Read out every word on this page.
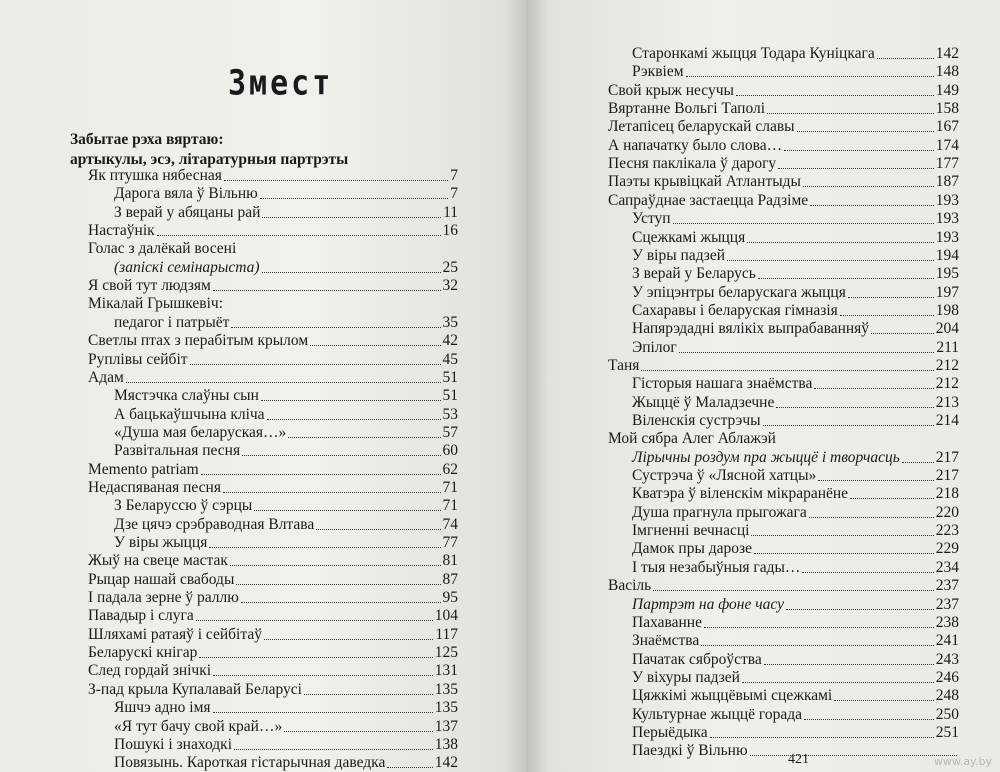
Змест
Забытае рэха вяртаю:
артыкулы, эсэ, літаратурныя партрэты
Як птушка нябесная	7
Дарога вяла ў Вільню	7
З верай у абяцаны рай	11
Настаўнік	16
Голас з далёкай восені
(запіскі семінарыста)	25
Я свой тут людзям	32
Мікалай Грышкевіч:
педагог і патрыёт	35
Светлы птах з перабітым крылом	42
Руплівы сейбіт	45
Адам	51
Мястэчка слаўны сын	51
А бацькаўшчына кліча	53
«Душа мая беларуская…»	57
Развітальная песня	60
Memento patriam	62
Недаспяваная песня	71
З Беларуссю ў сэрцы	71
Дзе цячэ срэбраводная Влтава	74
У віры жыцця	77
Жыў на свеце мастак	81
Рыцар нашай свабоды	87
І падала зерне ў раллю	95
Павадыр і слуга	104
Шляхамі ратаяў і сейбітаў	117
Беларускі кнігар	125
След гордай знічкі	131
З-пад крыла Купалавай Беларусі	135
Яшчэ адно імя	135
«Я тут бачу свой край…»	137
Пошукі і знаходкі	138
Повязынь. Кароткая гістарычная даведка	142
Старонкамі жыцця Тодара Куніцкага	142
Рэквіем	148
Свой крыж несучы	149
Вяртанне Вольгі Таполі	158
Летапісец беларускай славы	167
А напачатку было слова…	174
Песня паклікала ў дарогу	177
Паэты крывіцкай Атлантыды	187
Сапраўднае застаецца Радзіме	193
Уступ	193
Сцежкамі жыцця	193
У віры падзей	194
З верай у Беларусь	195
У эпіцэнтры беларускага жыцця	197
Сахаравы і беларуская гімназія	198
Напярэдадні вялікіх выпрабаванняў	204
Эпілог	211
Таня	212
Гісторыя нашага знаёмства	212
Жыццё ў Маладзечне	213
Віленскія сустрэчы	214
Мой сябра Алег Аблажэй
Лірычны роздум пра жыццё і творчасць 217
Сустрэча ў «Лясной хатцы»	217
Кватэра ў віленскім мікраранёне	218
Душа прагнула прыгожага	220
Імгненні вечнасці	223
Дамок пры дарозе	229
І тыя незабыўныя гады…	234
Васіль	237
Партрэт на фоне часу	237
Пахаванне	238
Знаёмства	241
Пачатак сяброўства	243
У віхуры падзей	246
Цяжкімі жыццёвымі сцежкамі	248
Культурнае жыццё горада	250
Перыёдыка	251
Паездкі ў Вільню
421	www.ay.by
